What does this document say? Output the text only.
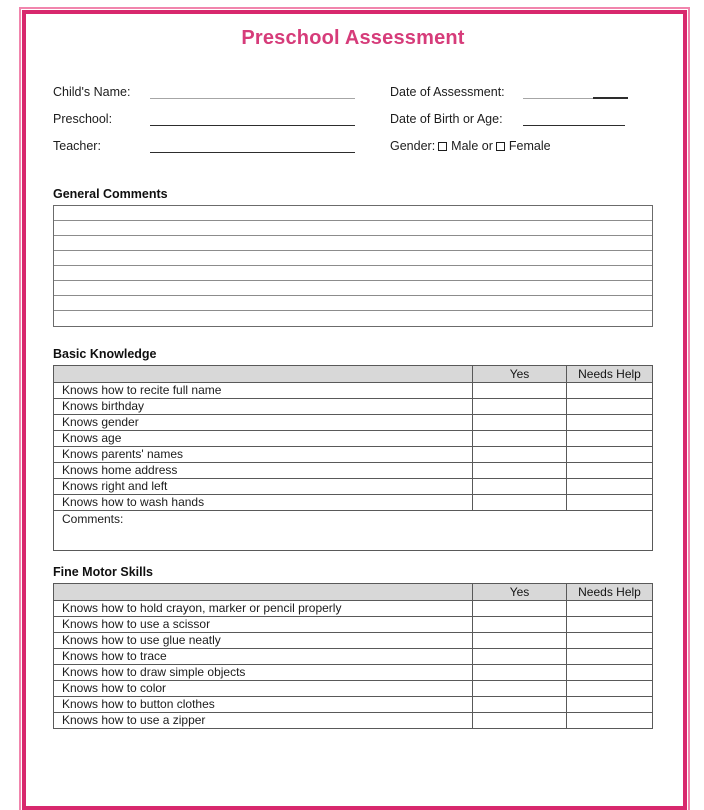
Preschool Assessment
Child's Name:
Preschool:
Teacher:
Date of Assessment:
Date of Birth or Age:
Gender: Male
or Female
General Comments
Basic Knowledge
Yes	Needs Help
Knows how to recite full name
Knows birthday
Knows gender
Knows age
Knows parents' names
Knows home address
Knows right and left
Knows how to wash hands
Comments:
Fine Motor Skills
Yes	Needs Help
Knows how to hold crayon, marker or pencil properly
Knows how to use a scissor
Knows how to use glue neatly
Knows how to trace
Knows how to draw simple objects
Knows how to color
Knows how to button clothes
Knows how to use a zipper
